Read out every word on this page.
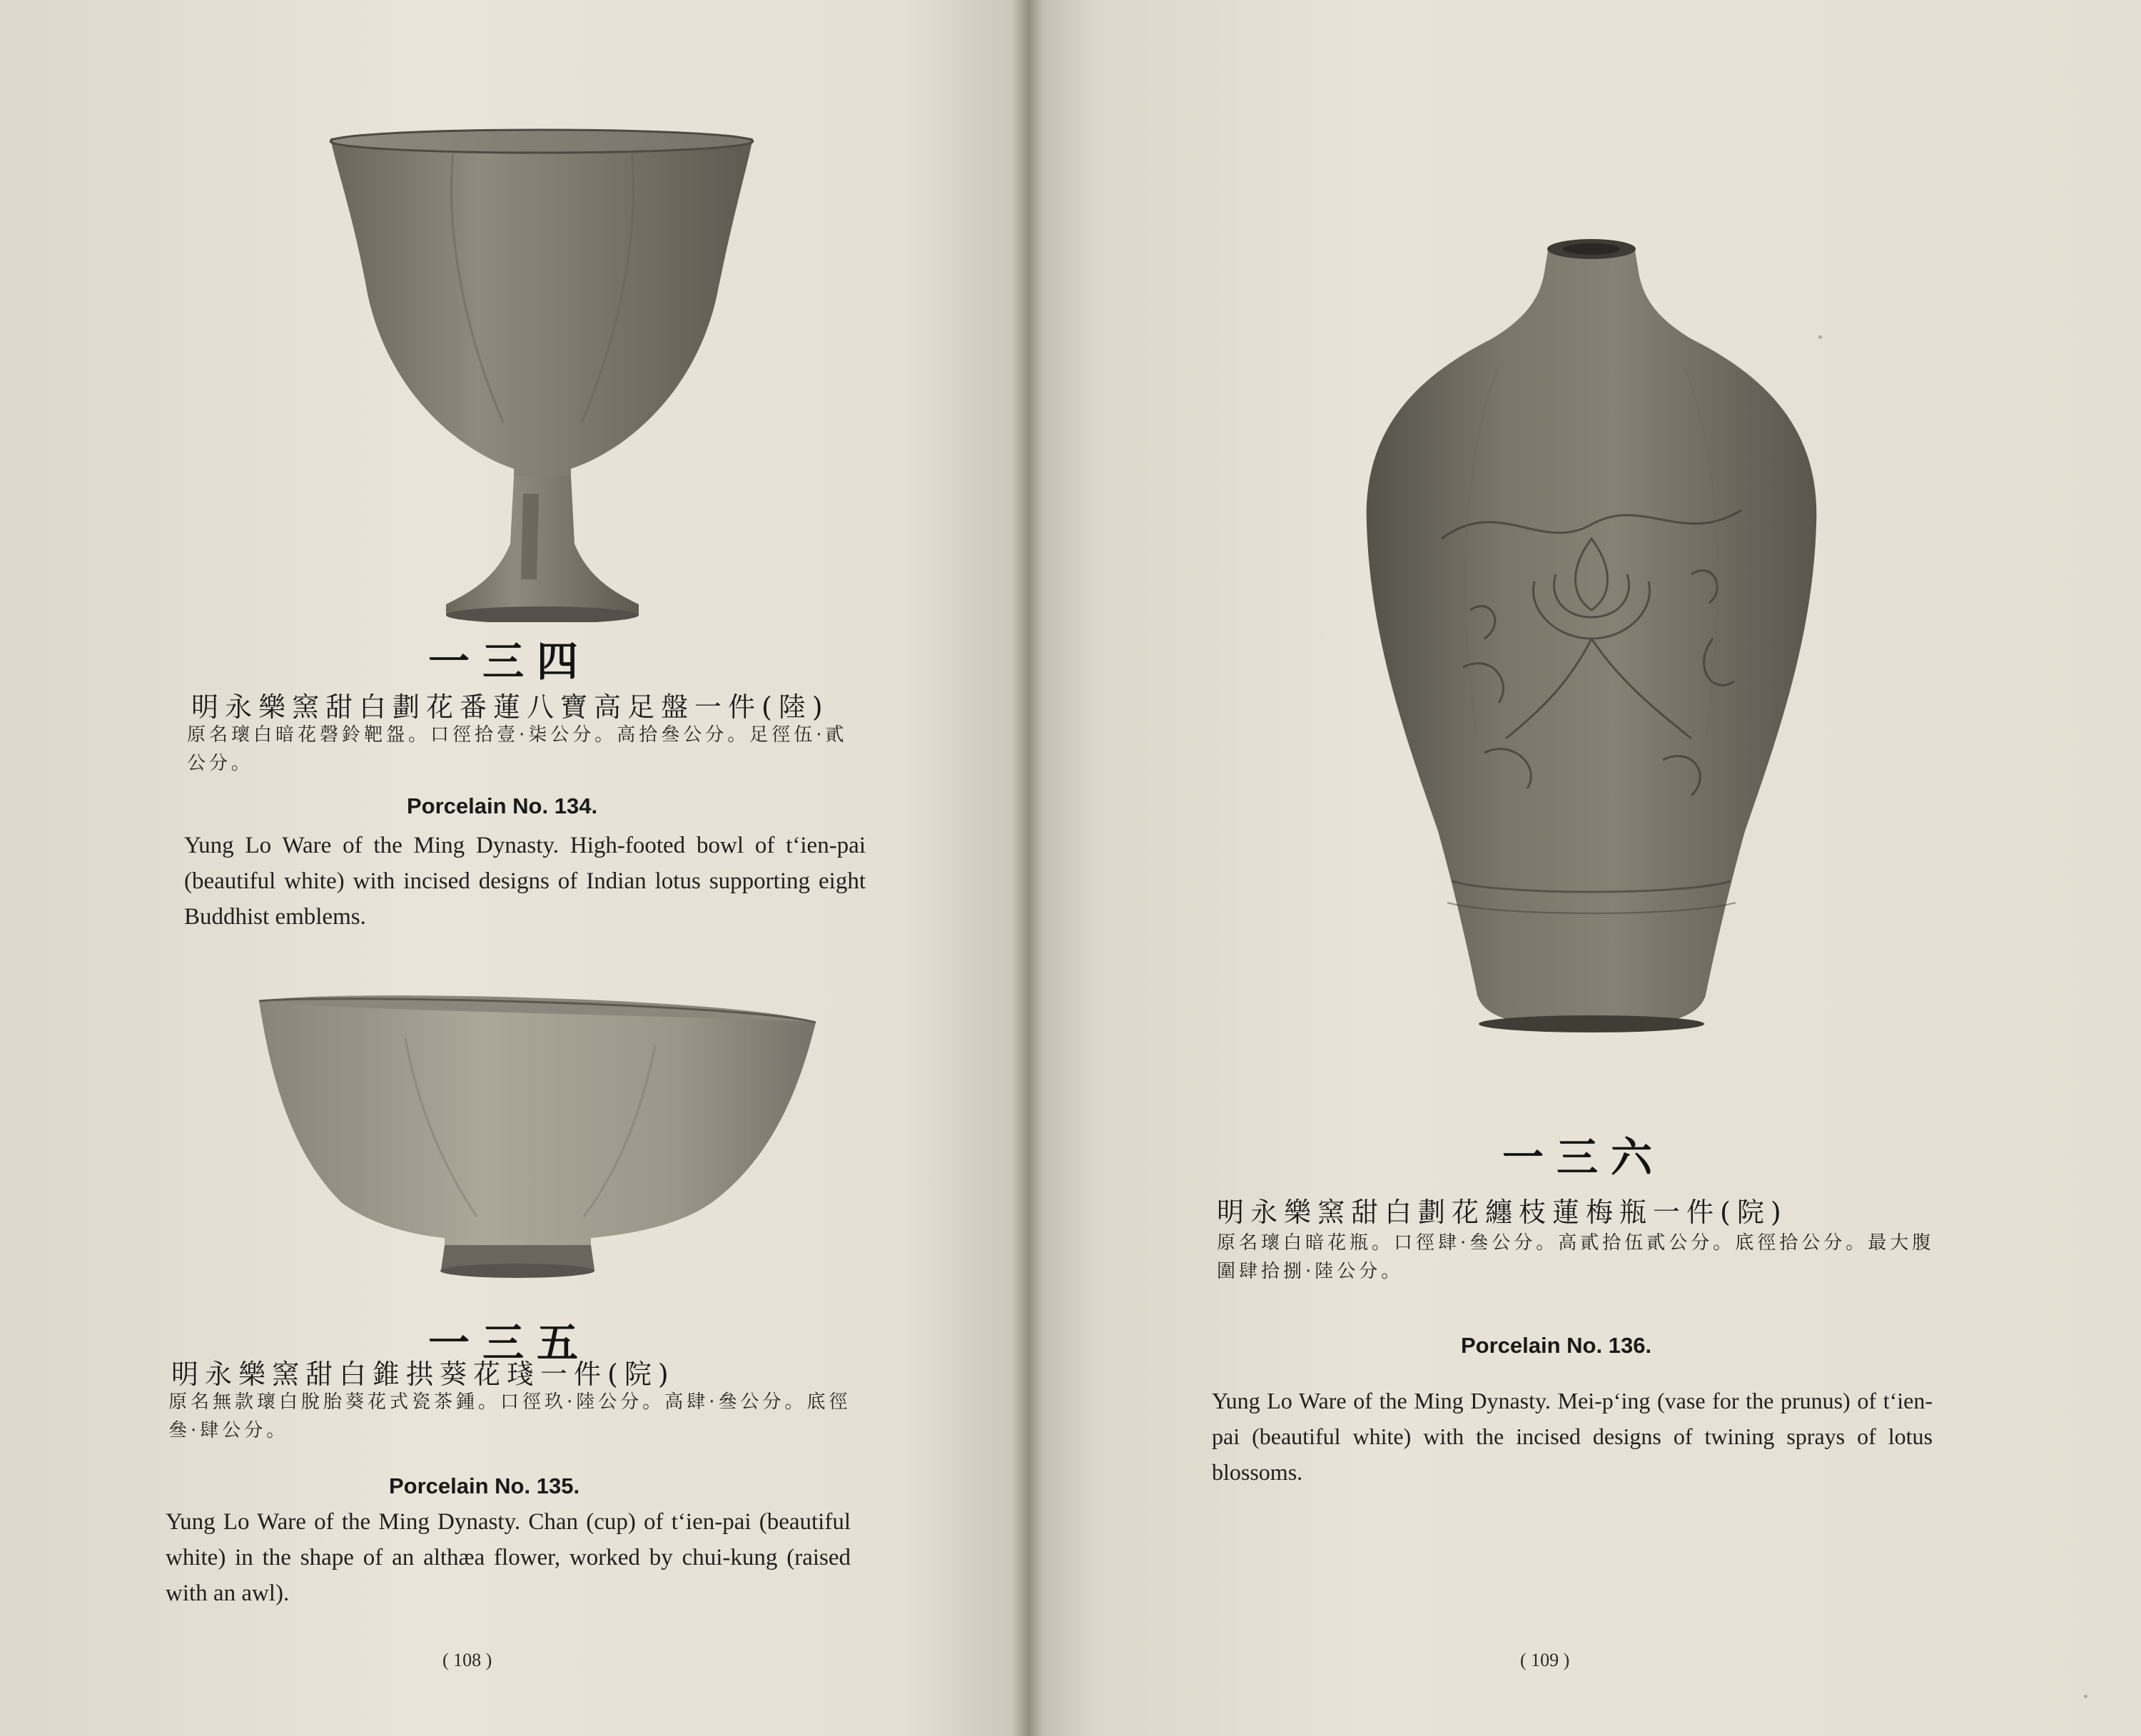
一三四
明永樂窯甜白劃花番蓮八寶高足盤一件(陸)
原名瓌白暗花磬鈴靶盌。口徑拾壹·柒公分。高拾叄公分。足徑伍·貳公分。
Porcelain No. 134.
Yung Lo Ware of the Ming Dynasty. High-footed bowl of t‘ien-pai (beautiful white) with incised designs of Indian lotus supporting eight Buddhist emblems.
一三五
明永樂窯甜白錐拱葵花琖一件(院)
原名無款瓌白脫胎葵花式瓷茶鍾。口徑玖·陸公分。高肆·叄公分。底徑叄·肆公分。
Porcelain No. 135.
Yung Lo Ware of the Ming Dynasty. Chan (cup) of t‘ien-pai (beautiful white) in the shape of an althæa flower, worked by chui-kung (raised with an awl).
( 108 )
一三六
明永樂窯甜白劃花纏枝蓮梅瓶一件(院)
原名瓌白暗花瓶。口徑肆·叄公分。高貳拾伍貳公分。底徑拾公分。最大腹圍肆拾捌·陸公分。
Porcelain No. 136.
Yung Lo Ware of the Ming Dynasty. Mei-p‘ing (vase for the prunus) of t‘ien-pai (beautiful white) with the incised designs of twining sprays of lotus blossoms.
( 109 )
